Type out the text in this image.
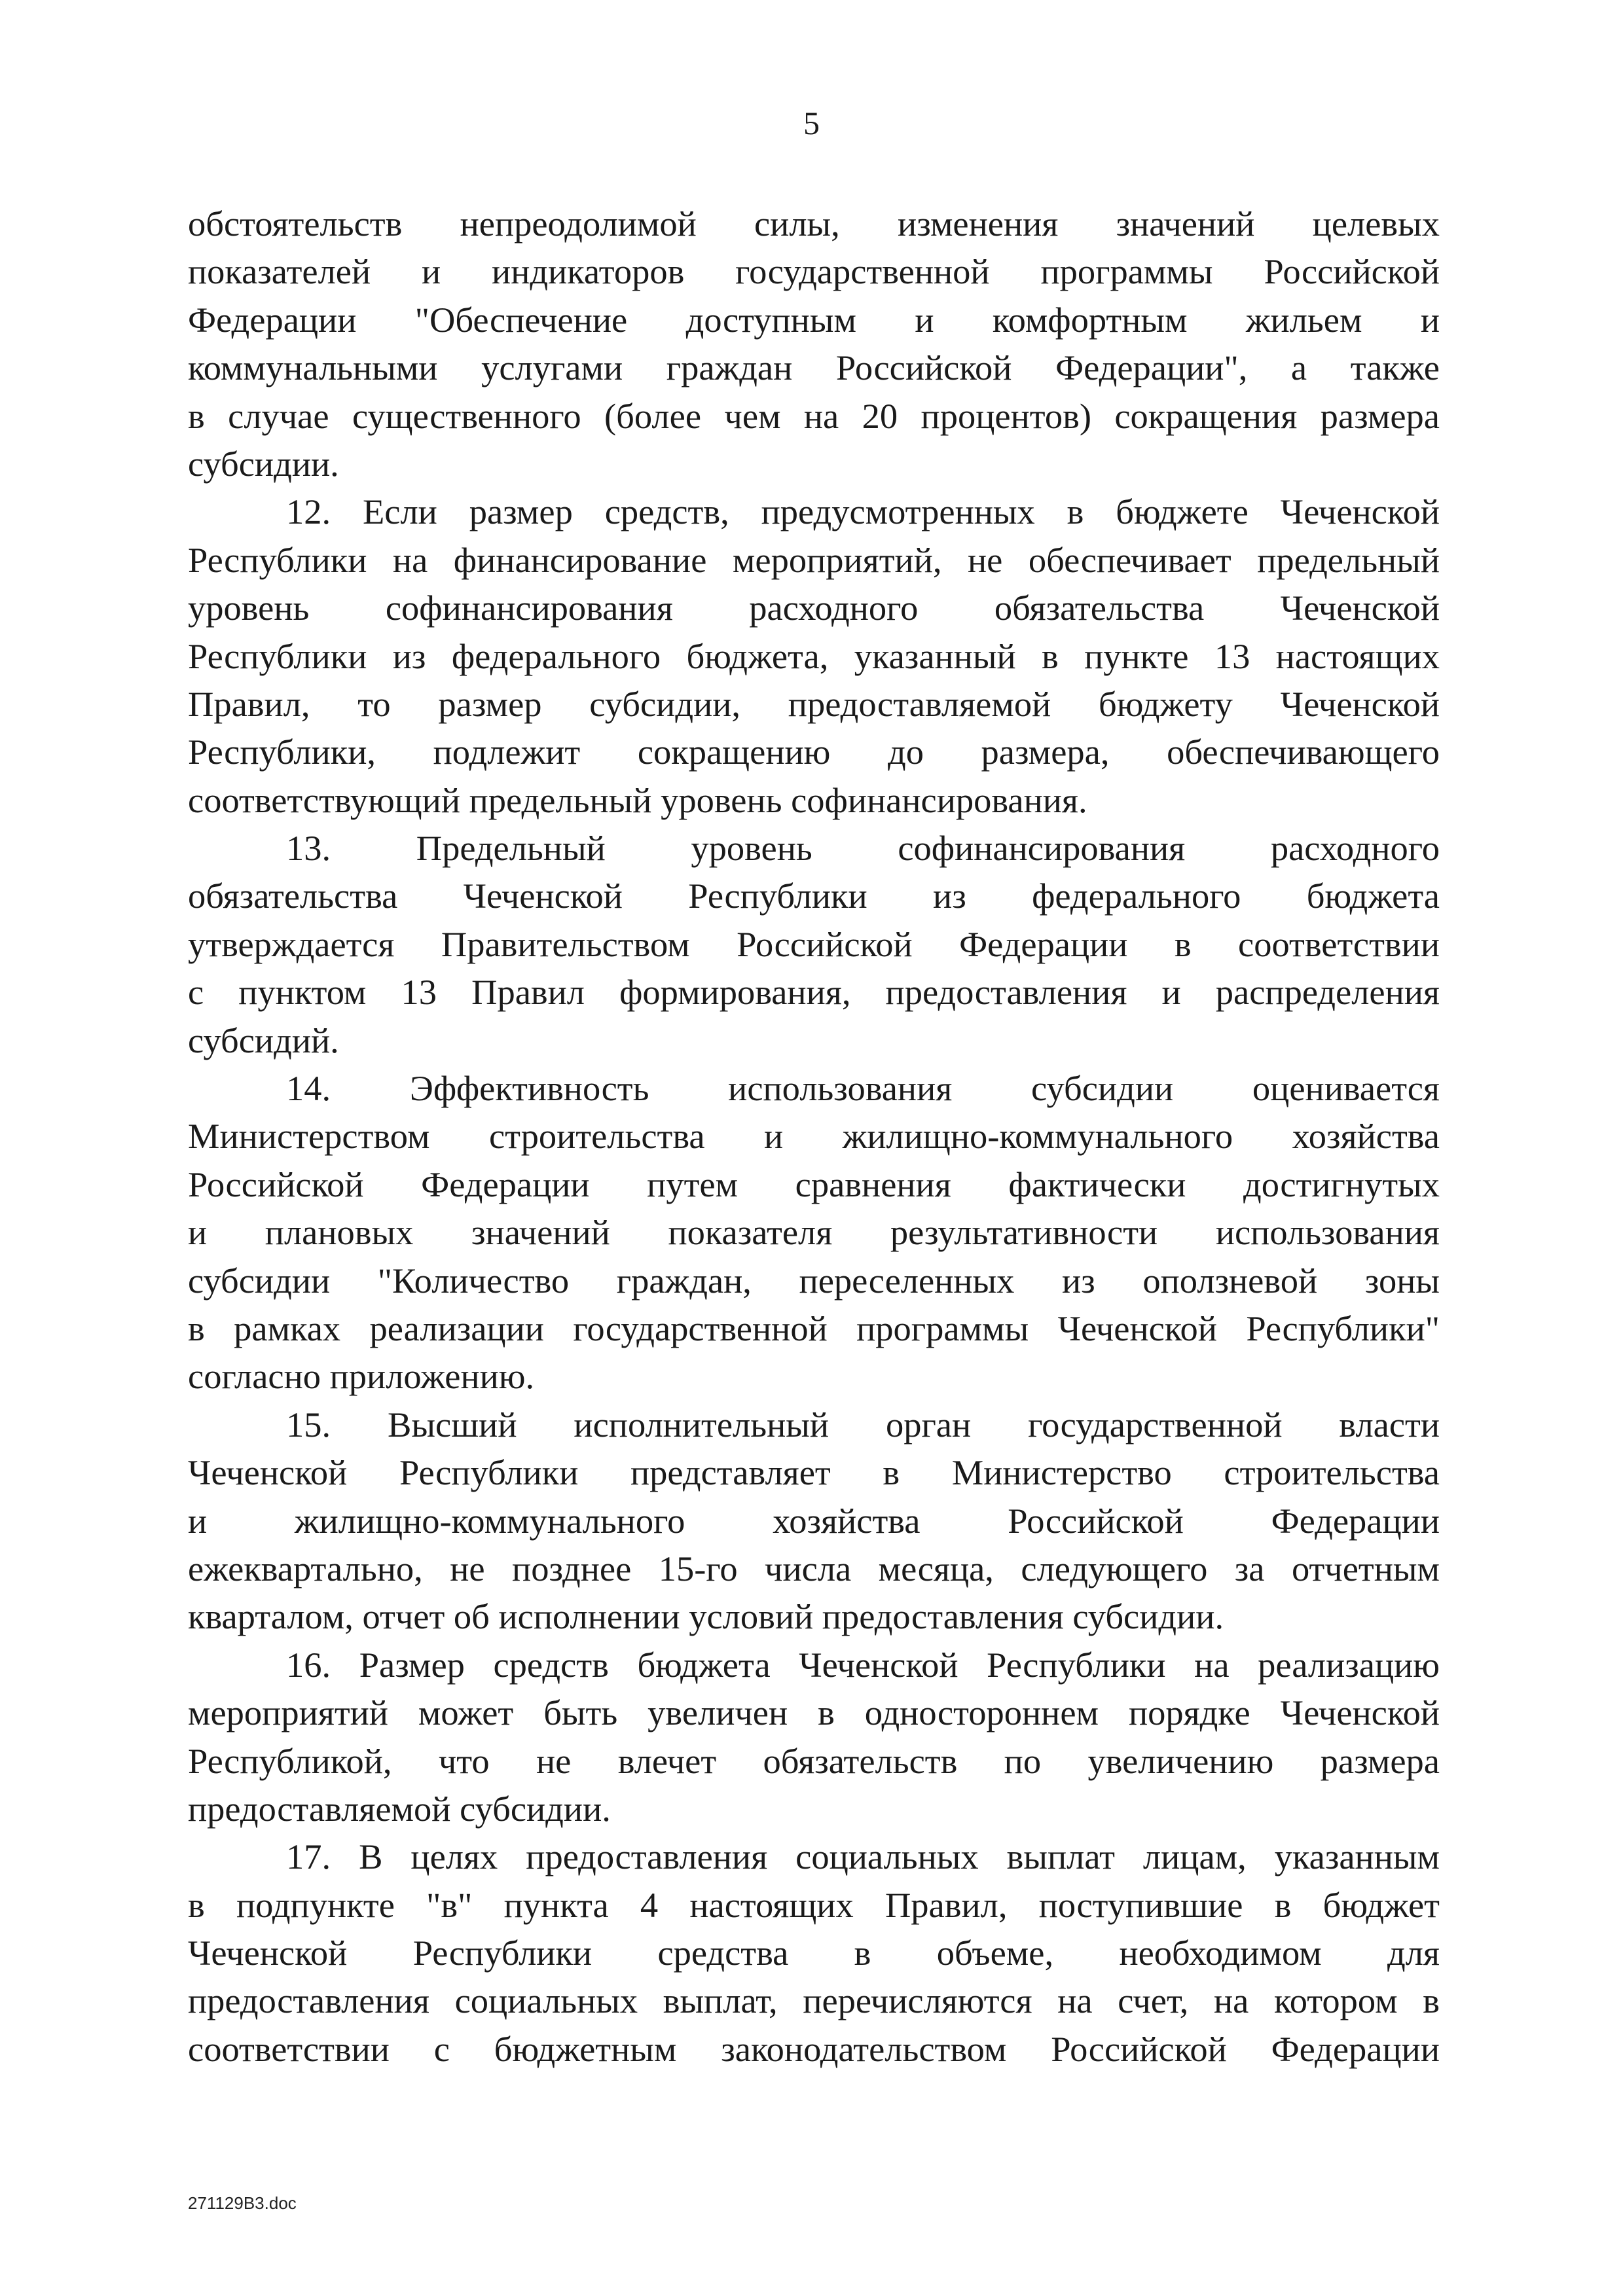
5
обстоятельств непреодолимой силы, изменения значений целевых
показателей и индикаторов государственной программы Российской
Федерации "Обеспечение доступным и комфортным жильем и
коммунальными услугами граждан Российской Федерации", а также
в случае существенного (более чем на 20 процентов) сокращения размера
субсидии.
12. Если размер средств, предусмотренных в бюджете Чеченской
Республики на финансирование мероприятий, не обеспечивает предельный
уровень софинансирования расходного обязательства Чеченской
Республики из федерального бюджета, указанный в пункте 13 настоящих
Правил, то размер субсидии, предоставляемой бюджету Чеченской
Республики, подлежит сокращению до размера, обеспечивающего
соответствующий предельный уровень софинансирования.
13. Предельный уровень софинансирования расходного
обязательства Чеченской Республики из федерального бюджета
утверждается Правительством Российской Федерации в соответствии
с пунктом 13 Правил формирования, предоставления и распределения
субсидий.
14. Эффективность использования субсидии оценивается
Министерством строительства и жилищно-коммунального хозяйства
Российской Федерации путем сравнения фактически достигнутых
и плановых значений показателя результативности использования
субсидии "Количество граждан, переселенных из оползневой зоны
в рамках реализации государственной программы Чеченской Республики"
согласно приложению.
15. Высший исполнительный орган государственной власти
Чеченской Республики представляет в Министерство строительства
и жилищно-коммунального хозяйства Российской Федерации
ежеквартально, не позднее 15-го числа месяца, следующего за отчетным
кварталом, отчет об исполнении условий предоставления субсидии.
16. Размер средств бюджета Чеченской Республики на реализацию
мероприятий может быть увеличен в одностороннем порядке Чеченской
Республикой, что не влечет обязательств по увеличению размера
предоставляемой субсидии.
17. В целях предоставления социальных выплат лицам, указанным
в подпункте "в" пункта 4 настоящих Правил, поступившие в бюджет
Чеченской Республики средства в объеме, необходимом для
предоставления социальных выплат, перечисляются на счет, на котором в
соответствии с бюджетным законодательством Российской Федерации
271129B3.doc
